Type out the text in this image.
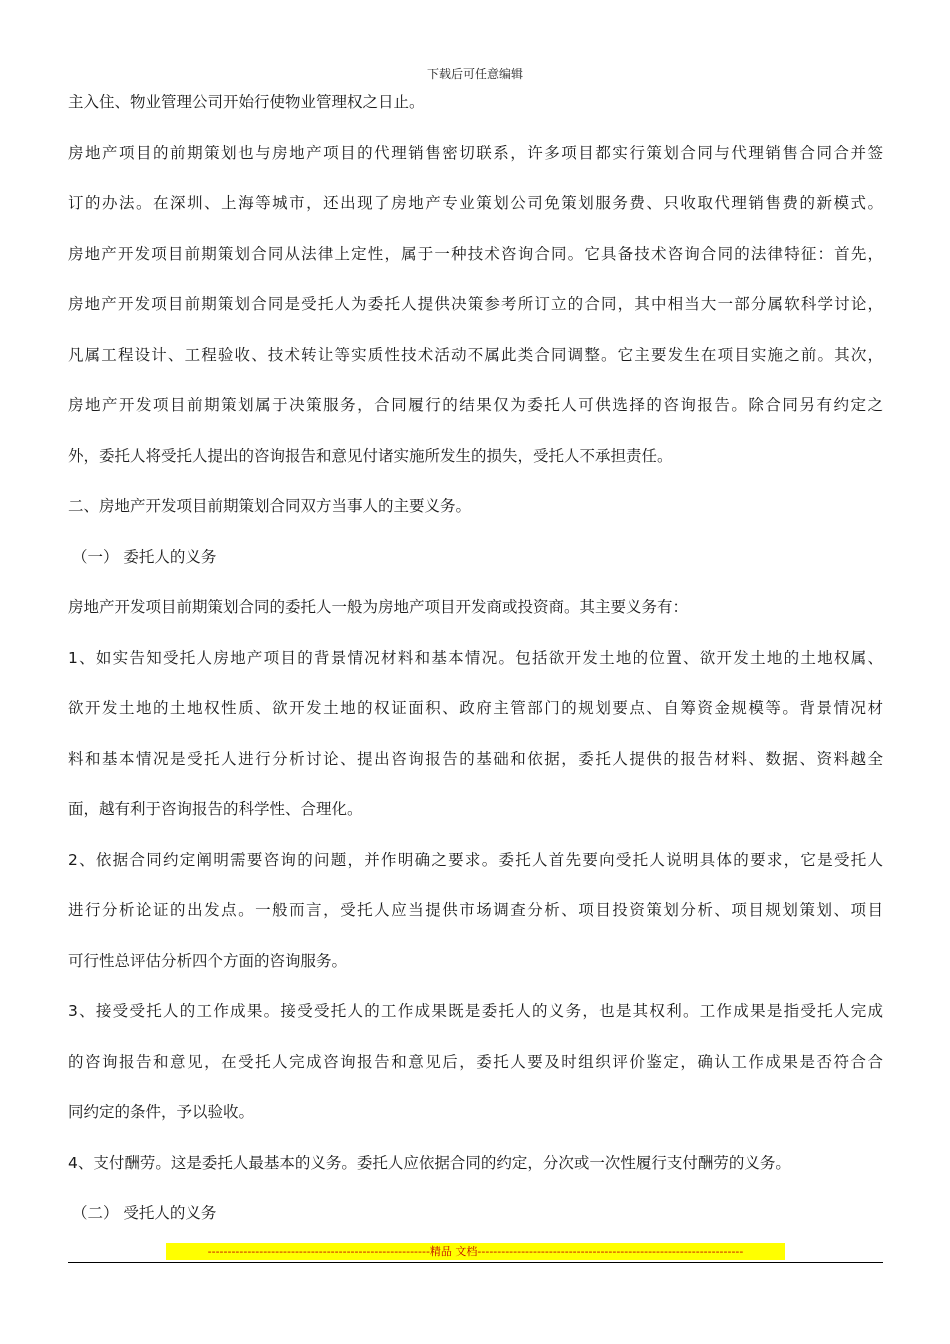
下载后可任意编辑
主入住、物业管理公司开始行使物业管理权之日止。
房地产项目的前期策划也与房地产项目的代理销售密切联系，许多项目都实行策划合同与代理销售合同合并签
订的办法。在深圳、上海等城市，还出现了房地产专业策划公司免策划服务费、只收取代理销售费的新模式。
房地产开发项目前期策划合同从法律上定性，属于一种技术咨询合同。它具备技术咨询合同的法律特征：首先，
房地产开发项目前期策划合同是受托人为委托人提供决策参考所订立的合同，其中相当大一部分属软科学讨论，
凡属工程设计、工程验收、技术转让等实质性技术活动不属此类合同调整。它主要发生在项目实施之前。其次，
房地产开发项目前期策划属于决策服务，合同履行的结果仅为委托人可供选择的咨询报告。除合同另有约定之
外，委托人将受托人提出的咨询报告和意见付诸实施所发生的损失，受托人不承担责任。
二、房地产开发项目前期策划合同双方当事人的主要义务。
（一） 委托人的义务
房地产开发项目前期策划合同的委托人一般为房地产项目开发商或投资商。其主要义务有：
1、如实告知受托人房地产项目的背景情况材料和基本情况。包括欲开发土地的位置、欲开发土地的土地权属、
欲开发土地的土地权性质、欲开发土地的权证面积、政府主管部门的规划要点、自筹资金规模等。背景情况材
料和基本情况是受托人进行分析讨论、提出咨询报告的基础和依据，委托人提供的报告材料、数据、资料越全
面，越有利于咨询报告的科学性、合理化。
2、依据合同约定阐明需要咨询的问题，并作明确之要求。委托人首先要向受托人说明具体的要求，它是受托人
进行分析论证的出发点。一般而言，受托人应当提供市场调查分析、项目投资策划分析、项目规划策划、项目
可行性总评估分析四个方面的咨询服务。
3、接受受托人的工作成果。接受受托人的工作成果既是委托人的义务，也是其权利。工作成果是指受托人完成
的咨询报告和意见，在受托人完成咨询报告和意见后，委托人要及时组织评价鉴定，确认工作成果是否符合合
同约定的条件，予以验收。
4、支付酬劳。这是委托人最基本的义务。委托人应依据合同的约定，分次或一次性履行支付酬劳的义务。
（二） 受托人的义务
--------------------------------------------------------精品 文档-------------------------------------------------------------------
